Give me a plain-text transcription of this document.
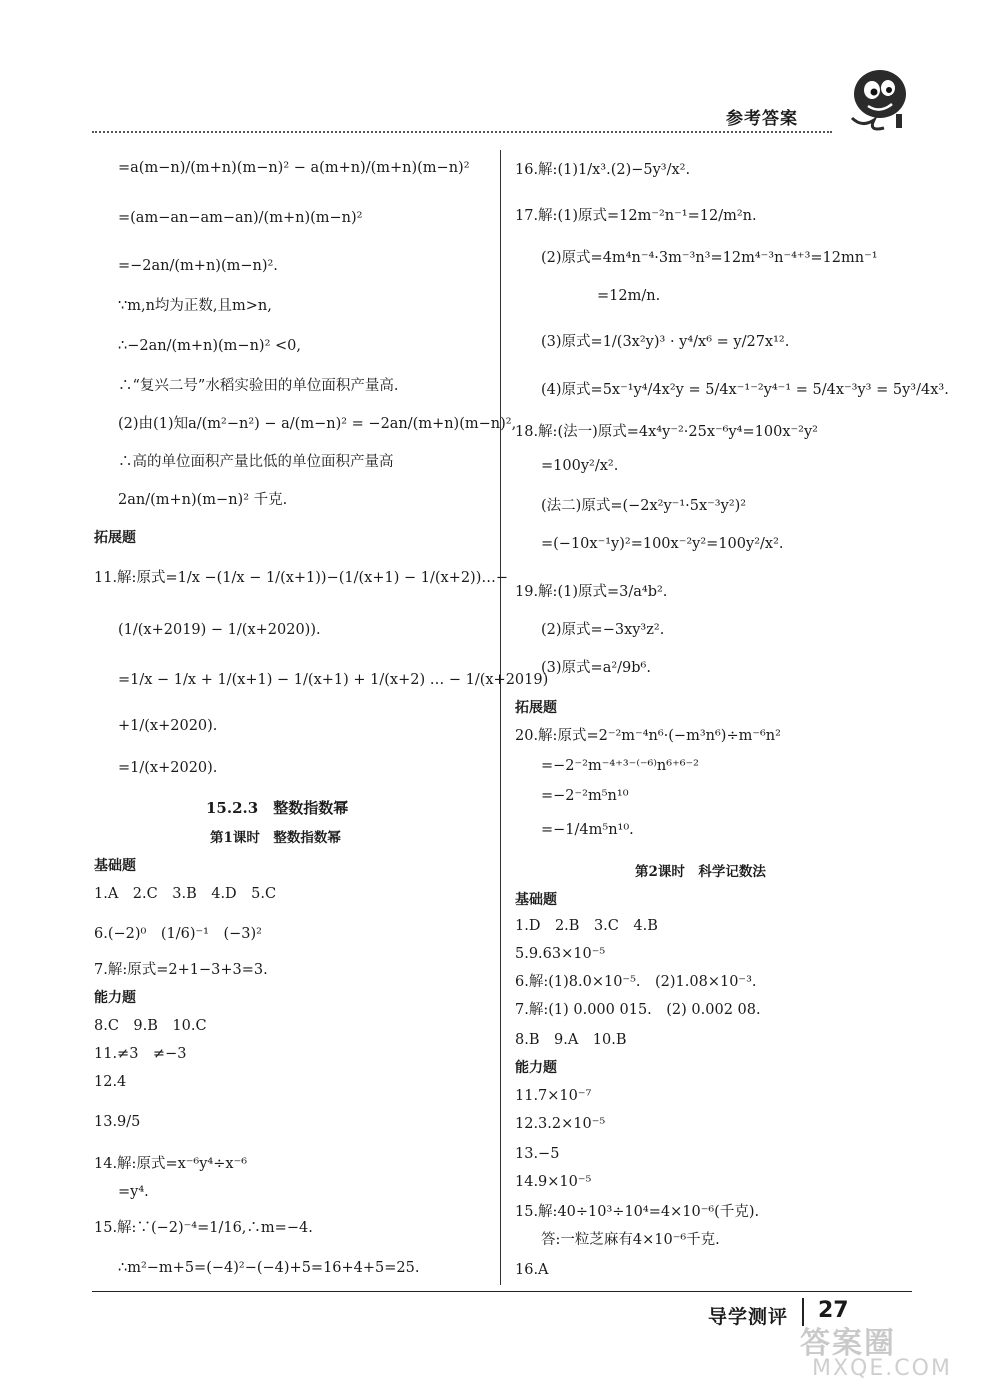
参考答案
=a(m−n)/(m+n)(m−n)² − a(m+n)/(m+n)(m−n)²
=(am−an−am−an)/(m+n)(m−n)²
=−2an/(m+n)(m−n)².
∵m,n均为正数,且m>n,
∴−2an/(m+n)(m−n)² <0,
∴“复兴二号”水稻实验田的单位面积产量高.
(2)由(1)知a/(m²−n²) − a/(m−n)² = −2an/(m+n)(m−n)²,
∴高的单位面积产量比低的单位面积产量高
2an/(m+n)(m−n)² 千克.
拓展题
11.解:原式=1/x −(1/x − 1/(x+1))−(1/(x+1) − 1/(x+2))…−
(1/(x+2019) − 1/(x+2020)).
=1/x − 1/x + 1/(x+1) − 1/(x+1) + 1/(x+2) … − 1/(x+2019)
+1/(x+2020).
=1/(x+2020).
15.2.3　整数指数幂
第1课时　整数指数幂
基础题
1.A　2.C　3.B　4.D　5.C
6.(−2)⁰　(1/6)⁻¹　(−3)²
7.解:原式=2+1−3+3=3.
能力题
8.C　9.B　10.C
11.≠3　≠−3
12.4
13.9/5
14.解:原式=x⁻⁶y⁴÷x⁻⁶
=y⁴.
15.解:∵(−2)⁻⁴=1/16,∴m=−4.
∴m²−m+5=(−4)²−(−4)+5=16+4+5=25.
16.解:(1)1/x³.(2)−5y³/x².
17.解:(1)原式=12m⁻²n⁻¹=12/m²n.
(2)原式=4m⁴n⁻⁴·3m⁻³n³=12m⁴⁻³n⁻⁴⁺³=12mn⁻¹
=12m/n.
(3)原式=1/(3x²y)³ · y⁴/x⁶ = y/27x¹².
(4)原式=5x⁻¹y⁴/4x²y = 5/4x⁻¹⁻²y⁴⁻¹ = 5/4x⁻³y³ = 5y³/4x³.
18.解:(法一)原式=4x⁴y⁻²·25x⁻⁶y⁴=100x⁻²y²
=100y²/x².
(法二)原式=(−2x²y⁻¹·5x⁻³y²)²
=(−10x⁻¹y)²=100x⁻²y²=100y²/x².
19.解:(1)原式=3/a⁴b².
(2)原式=−3xy³z².
(3)原式=a²/9b⁶.
拓展题
20.解:原式=2⁻²m⁻⁴n⁶·(−m³n⁶)÷m⁻⁶n²
=−2⁻²m⁻⁴⁺³⁻⁽⁻⁶⁾n⁶⁺⁶⁻²
=−2⁻²m⁵n¹⁰
=−1/4m⁵n¹⁰.
第2课时　科学记数法
基础题
1.D　2.B　3.C　4.B
5.9.63×10⁻⁵
6.解:(1)8.0×10⁻⁵.　(2)1.08×10⁻³.
7.解:(1) 0.000 015.　(2) 0.002 08.
8.B　9.A　10.B
能力题
11.7×10⁻⁷
12.3.2×10⁻⁵
13.−5
14.9×10⁻⁵
15.解:40÷10³÷10⁴=4×10⁻⁶(千克).
答:一粒芝麻有4×10⁻⁶千克.
16.A
导学测评 27
答案圈
MXQE.COM
